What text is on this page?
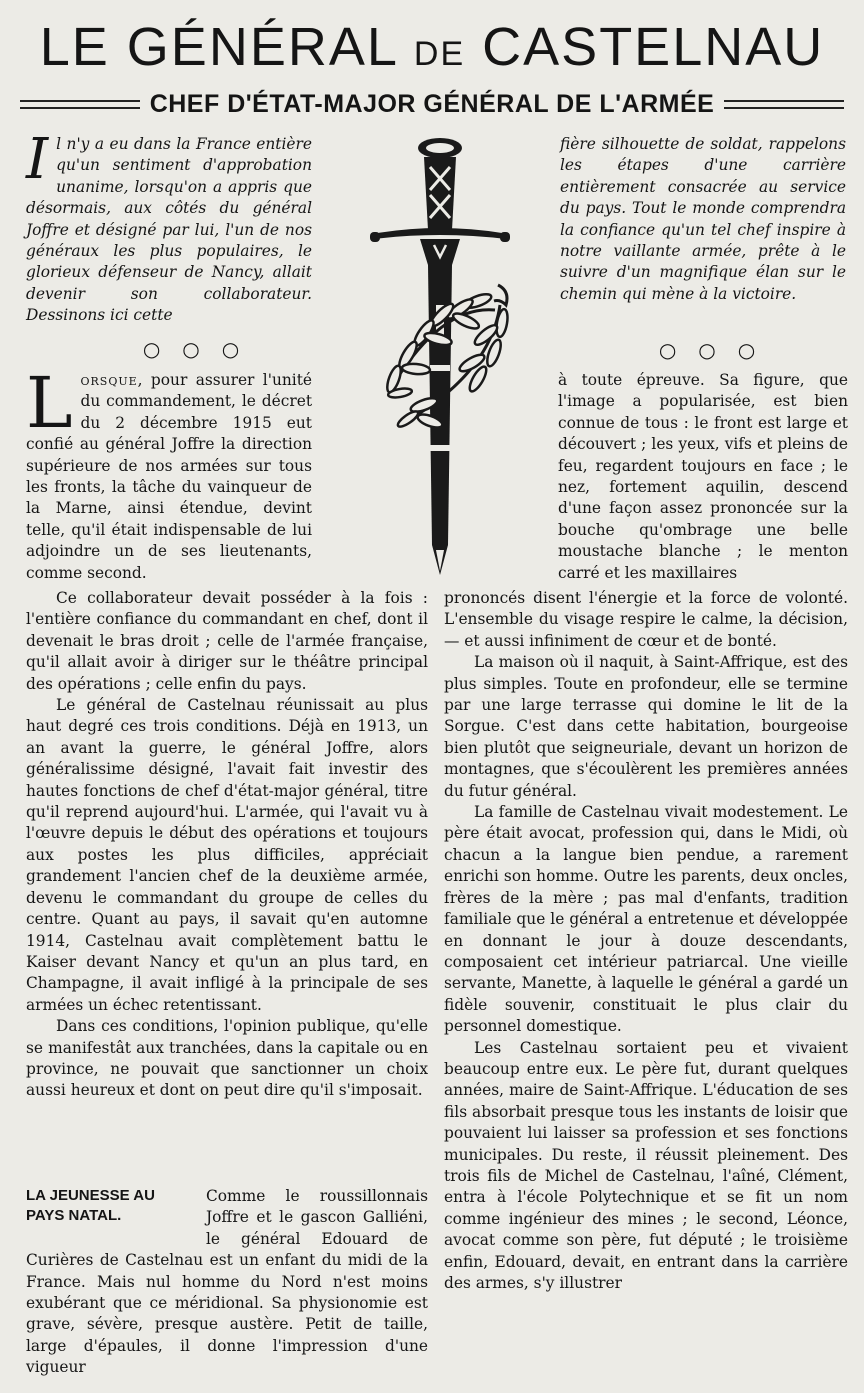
LE GÉNÉRAL DE CASTELNAU
CHEF D'ÉTAT-MAJOR GÉNÉRAL DE L'ARMÉE

Il n'y a eu dans la France entière qu'un sentiment d'approbation unanime, lorsqu'on a appris que désormais, aux côtés du général Joffre et désigné par lui, l'un de nos généraux les plus populaires, le glorieux défenseur de Nancy, allait devenir son collaborateur. Dessinons ici cette

fière silhouette de soldat, rappelons les étapes d'une carrière entièrement consacrée au service du pays. Tout le monde comprendra la confiance qu'un tel chef inspire à notre vaillante armée, prête à le suivre d'un magnifique élan sur le chemin qui mène à la victoire.

○○○	○○○

Lorsque, pour assurer l'unité du commandement, le décret du 2 décembre 1915 eut confié au général Joffre la direction supérieure de nos armées sur tous les fronts, la tâche du vainqueur de la Marne, ainsi étendue, devint telle, qu'il était indispensable de lui adjoindre un de ses lieutenants, comme second.

Ce collaborateur devait posséder à la fois : l'entière confiance du commandant en chef, dont il devenait le bras droit ; celle de l'armée française, qu'il allait avoir à diriger sur le théâtre principal des opérations ; celle enfin du pays.

Le général de Castelnau réunissait au plus haut degré ces trois conditions. Déjà en 1913, un an avant la guerre, le général Joffre, alors généralissime désigné, l'avait fait investir des hautes fonctions de chef d'état-major général, titre qu'il reprend aujourd'hui. L'armée, qui l'avait vu à l'œuvre depuis le début des opérations et toujours aux postes les plus difficiles, appréciait grandement l'ancien chef de la deuxième armée, devenu le commandant du groupe de celles du centre. Quant au pays, il savait qu'en automne 1914, Castelnau avait complètement battu le Kaiser devant Nancy et qu'un an plus tard, en Champagne, il avait infligé à la principale de ses armées un échec retentissant.

Dans ces conditions, l'opinion publique, qu'elle se manifestât aux tranchées, dans la capitale ou en province, ne pouvait que sanctionner un choix aussi heureux et dont on peut dire qu'il s'imposait.

LA JEUNESSE AU PAYS NATAL.

Comme le roussillonnais Joffre et le gascon Galliéni, le général Edouard de Curières de Castelnau est un enfant du midi de la France. Mais nul homme du Nord n'est moins exubérant que ce méridional. Sa physionomie est grave, sévère, presque austère. Petit de taille, large d'épaules, il donne l'impression d'une vigueur

à toute épreuve. Sa figure, que l'image a popularisée, est bien connue de tous : le front est large et découvert ; les yeux, vifs et pleins de feu, regardent toujours en face ; le nez, fortement aquilin, descend d'une façon assez prononcée sur la bouche qu'ombrage une belle moustache blanche ; le menton carré et les maxillaires

prononcés disent l'énergie et la force de volonté. L'ensemble du visage respire le calme, la décision, — et aussi infiniment de cœur et de bonté.

La maison où il naquit, à Saint-Affrique, est des plus simples. Toute en profondeur, elle se termine par une large terrasse qui domine le lit de la Sorgue. C'est dans cette habitation, bourgeoise bien plutôt que seigneuriale, devant un horizon de montagnes, que s'écoulèrent les premières années du futur général.

La famille de Castelnau vivait modestement. Le père était avocat, profession qui, dans le Midi, où chacun a la langue bien pendue, a rarement enrichi son homme. Outre les parents, deux oncles, frères de la mère ; pas mal d'enfants, tradition familiale que le général a entretenue et développée en donnant le jour à douze descendants, composaient cet intérieur patriarcal. Une vieille servante, Manette, à laquelle le général a gardé un fidèle souvenir, constituait le plus clair du personnel domestique.

Les Castelnau sortaient peu et vivaient beaucoup entre eux. Le père fut, durant quelques années, maire de Saint-Affrique. L'éducation de ses fils absorbait presque tous les instants de loisir que pouvaient lui laisser sa profession et ses fonctions municipales. Du reste, il réussit pleinement. Des trois fils de Michel de Castelnau, l'aîné, Clément, entra à l'école Polytechnique et se fit un nom comme ingénieur des mines ; le second, Léonce, avocat comme son père, fut député ; le troisième enfin, Edouard, devait, en entrant dans la carrière des armes, s'y illustrer
